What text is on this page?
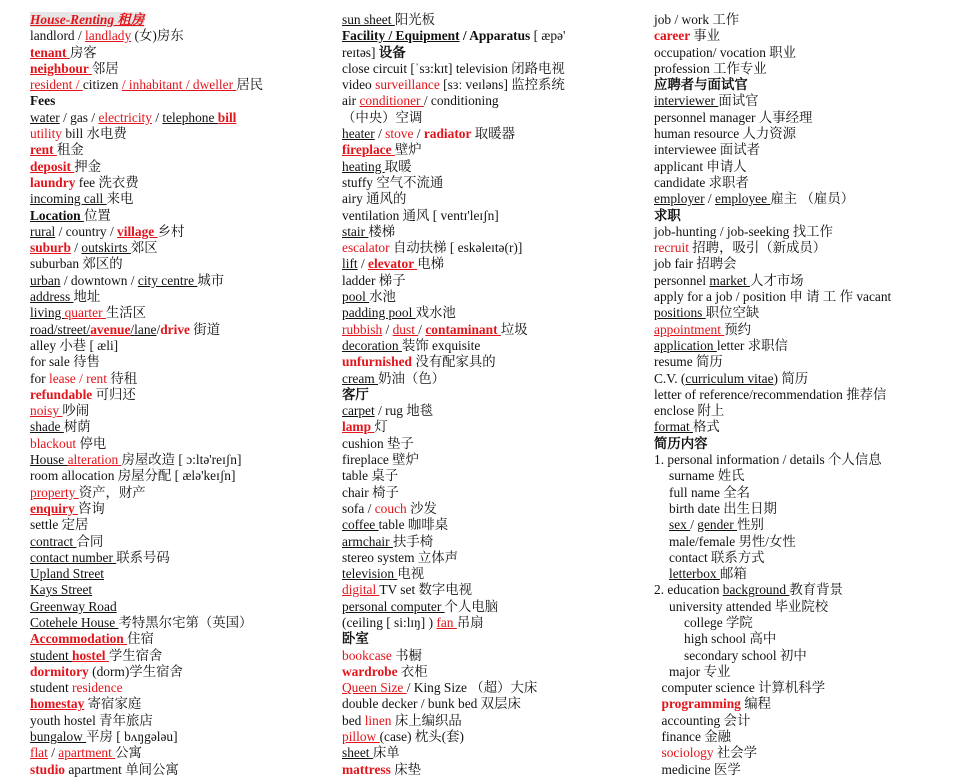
House-Renting 租房
landlord / landlady (女)房东
tenant 房客
neighbour 邻居
resident / citizen / inhabitant / dweller 居民
Fees
water / gas / electricity / telephone bill
utility bill 水电费
rent 租金
deposit 押金
laundry fee 洗衣费
incoming call 来电
Location 位置
rural / country / village 乡村
suburb / outskirts 郊区
suburban 郊区的
urban / downtown / city centre 城市
address 地址
living quarter 生活区
road/street/avenue/lane/drive 街道
alley 小巷 [ æli]
for sale 待售
for lease / rent 待租
refundable 可归还
noisy 吵闹
shade 树荫
blackout 停电
House alteration 房屋改造 [ ɔ:ltə'reɪʃn]
room allocation 房屋分配 [ ælə'keɪʃn]
property 资产，财产
enquiry 咨询
settle 定居
contract 合同
contact number 联系号码
Upland Street
Kays Street
Greenway Road
Cotehele House 考特黑尔宅第（英国）
Accommodation 住宿
student hostel 学生宿舍
dormitory (dorm)学生宿舍
student residence
homestay 寄宿家庭
youth hostel 青年旅店
bungalow 平房 [ bʌŋgələu]
flat / apartment 公寓
studio apartment 单间公寓
sun sheet 阳光板
Facility / Equipment / Apparatus [ æpə'
reɪtəs] 设备
close circuit [ˈsɜ:kɪt] television 闭路电视
video surveillance [sɜː veɪləns] 监控系统
air conditioner / conditioning
（中央）空调
heater / stove / radiator 取暖器
fireplace 壁炉
heating 取暖
stuffy 空气不流通
airy 通风的
ventilation 通风 [ ventɪ'leɪʃn]
stair 楼梯
escalator 自动扶梯 [ eskəleɪtə(r)]
lift / elevator 电梯
ladder 梯子
pool 水池
padding pool 戏水池
rubbish / dust / contaminant 垃圾
decoration 装饰 exquisite
unfurnished 没有配家具的
cream 奶油（色）
客厅
carpet / rug 地毯
lamp 灯
cushion 垫子
fireplace 壁炉
table 桌子
chair 椅子
sofa / couch 沙发
coffee table 咖啡桌
armchair 扶手椅
stereo system 立体声
television 电视
digital TV set 数字电视
personal computer 个人电脑
(ceiling [ si:lɪŋ] ) fan 吊扇
卧室
bookcase 书橱
wardrobe 衣柜
Queen Size / King Size （超）大床
double decker / bunk bed 双层床
bed linen 床上编织品
pillow (case) 枕头(套)
sheet 床单
mattress 床垫
job / work 工作
career 事业
occupation/ vocation 职业
profession 工作专业
应聘者与面试官
interviewer 面试官
personnel manager 人事经理
human resource 人力资源
interviewee 面试者
applicant 申请人
candidate 求职者
employer / employee 雇主 （雇员）
求职
job-hunting / job-seeking 找工作
recruit 招聘，吸引（新成员）
job fair 招聘会
personnel market 人才市场
apply for a job / position 申 请 工 作 vacant
positions 职位空缺
appointment 预约
application letter 求职信
resume 简历
C.V. (curriculum vitae) 简历
letter of reference/recommendation 推荐信
enclose 附上
format 格式
简历内容
1. personal information / details 个人信息
surname 姓氏
full name 全名
birth date 出生日期
sex / gender 性别
male/female 男性/女性
contact 联系方式
letterbox 邮箱
2. education background 教育背景
university attended 毕业院校
college 学院
high school 高中
secondary school 初中
major 专业
computer science 计算机科学
programming 编程
accounting 会计
finance 金融
sociology 社会学
medicine 医学
